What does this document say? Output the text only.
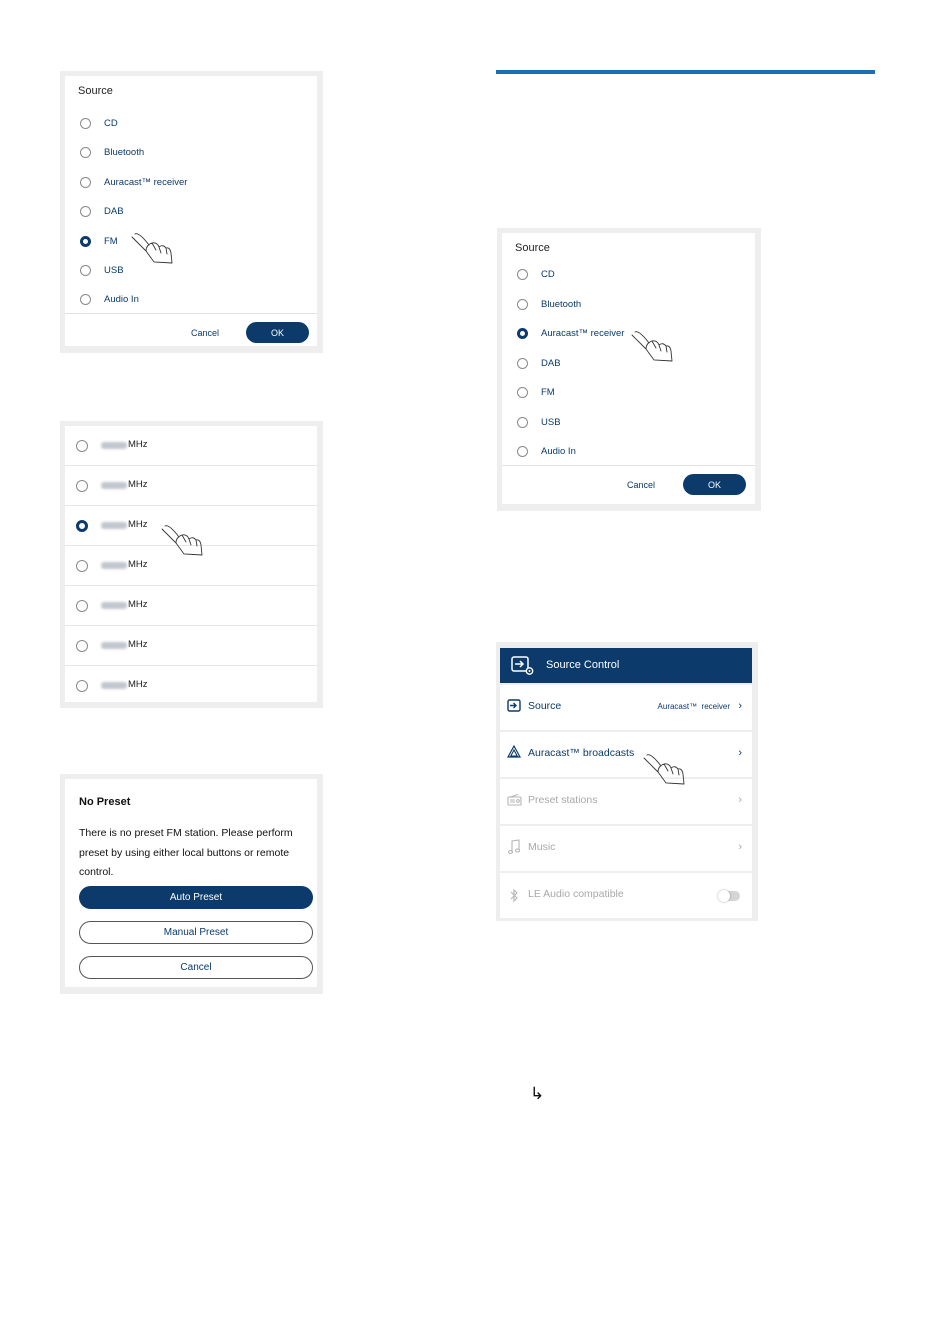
Source
CD
Bluetooth
Auracast™ receiver
DAB
FM
USB
Audio In
Cancel	OK
MHz
MHz
MHz
MHz
MHz
MHz
MHz
No Preset
There is no preset FM station. Please perform preset by using either local buttons or remote control.
Auto Preset
Manual Preset
Cancel
Source
CD
Bluetooth
Auracast™ receiver
DAB
FM
USB
Audio In
Cancel	OK
Source Control
Source	Auracast™  receiver ›
Auracast™ broadcasts	›
Preset stations	›
Music	›
LE Audio compatible
↳
